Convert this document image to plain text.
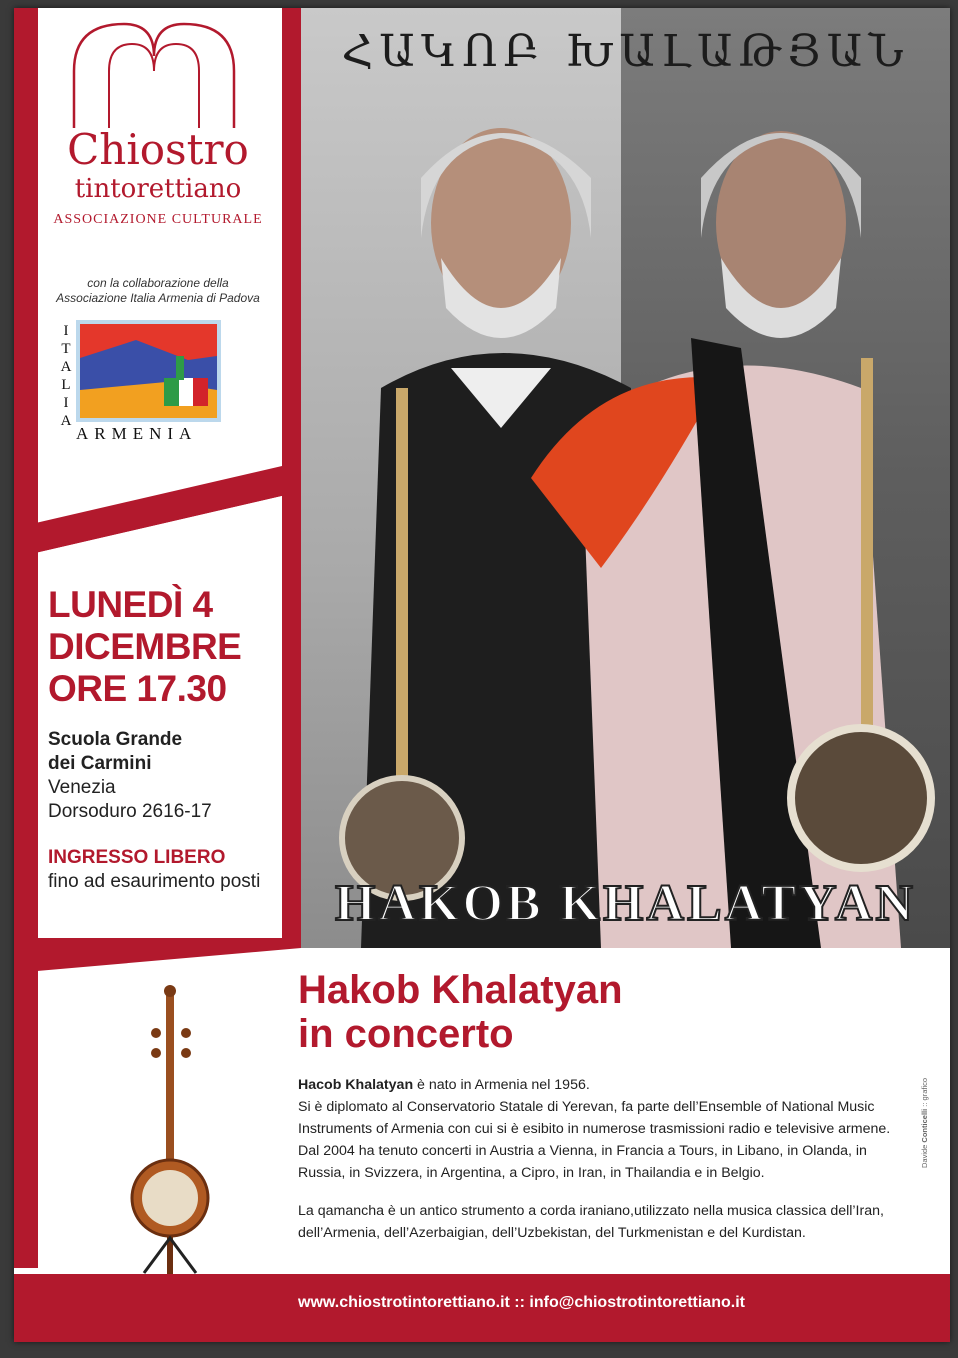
ՀԱԿՈԲ ԽԱԼԱԹՅԱՆ
HAKOB KHALATYAN
Chiostro
tintorettiano
ASSOCIAZIONE CULTURALE
con la collaborazione della
Associazione Italia Armenia di Padova
I
T
A
L
I
A
ARMENIA
LUNEDÌ 4
DICEMBRE
ORE 17.30
Scuola Grande
dei Carmini
Venezia
Dorsoduro 2616-17
INGRESSO LIBERO
fino ad esaurimento posti
Hakob Khalatyan
in concerto

Hacob Khalatyan è nato in Armenia nel 1956.
Si è diplomato al Conservatorio Statale di Yerevan, fa parte dell’Ensemble of National Music Instruments of Armenia con cui si è esibito in numerose trasmissioni radio e televisive armene.
Dal 2004 ha tenuto concerti in Austria a Vienna, in Francia a Tours, in Libano, in Olanda, in Russia, in Svizzera, in Argentina, a Cipro, in Iran, in Thailandia e in Belgio.

La qamancha è un antico strumento a corda iraniano,utilizzato nella musica classica dell’Iran, dell’Armenia, dell’Azerbaigian, dell’Uzbekistan, del Turkmenistan e del Kurdistan.

Davide Conticelli :: grafico
www.chiostrotintorettiano.it :: info@chiostrotintorettiano.it
